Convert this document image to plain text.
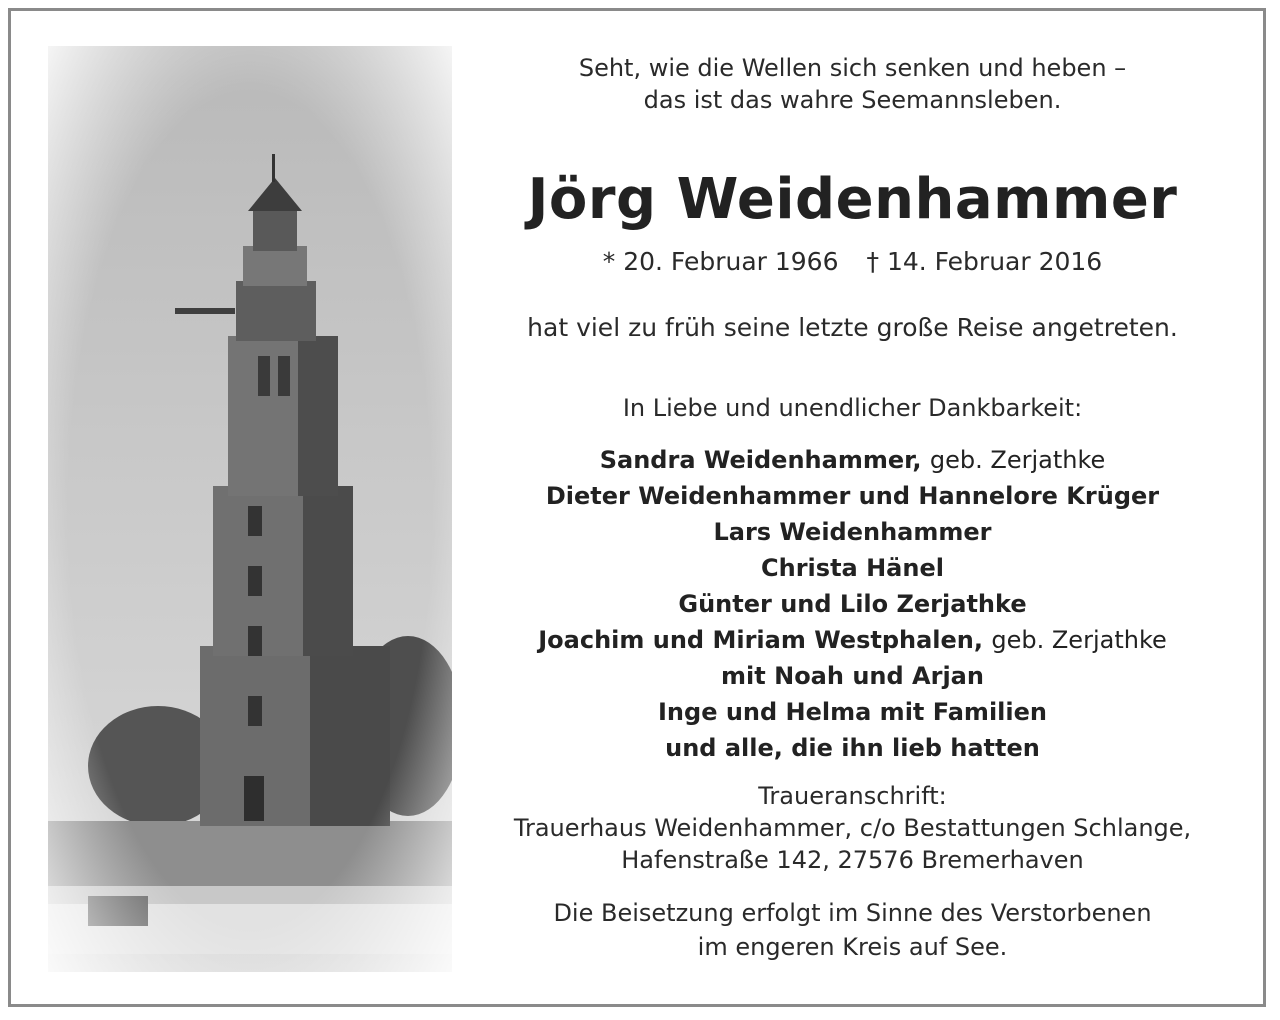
Seht, wie die Wellen sich senken und heben –

das ist das wahre Seemannsleben.

Jörg Weidenhammer

* 20. Februar 1966 † 14. Februar 2016

hat viel zu früh seine letzte große Reise angetreten.

In Liebe und unendlicher Dankbarkeit:

Sandra Weidenhammer, geb. Zerjathke

Dieter Weidenhammer und Hannelore Krüger

Lars Weidenhammer

Christa Hänel

Günter und Lilo Zerjathke

Joachim und Miriam Westphalen, geb. Zerjathke

mit Noah und Arjan

Inge und Helma mit Familien

und alle, die ihn lieb hatten

Traueranschrift:

Trauerhaus Weidenhammer, c/o Bestattungen Schlange,

Hafenstraße 142, 27576 Bremerhaven

Die Beisetzung erfolgt im Sinne des Verstorbenen

im engeren Kreis auf See.
